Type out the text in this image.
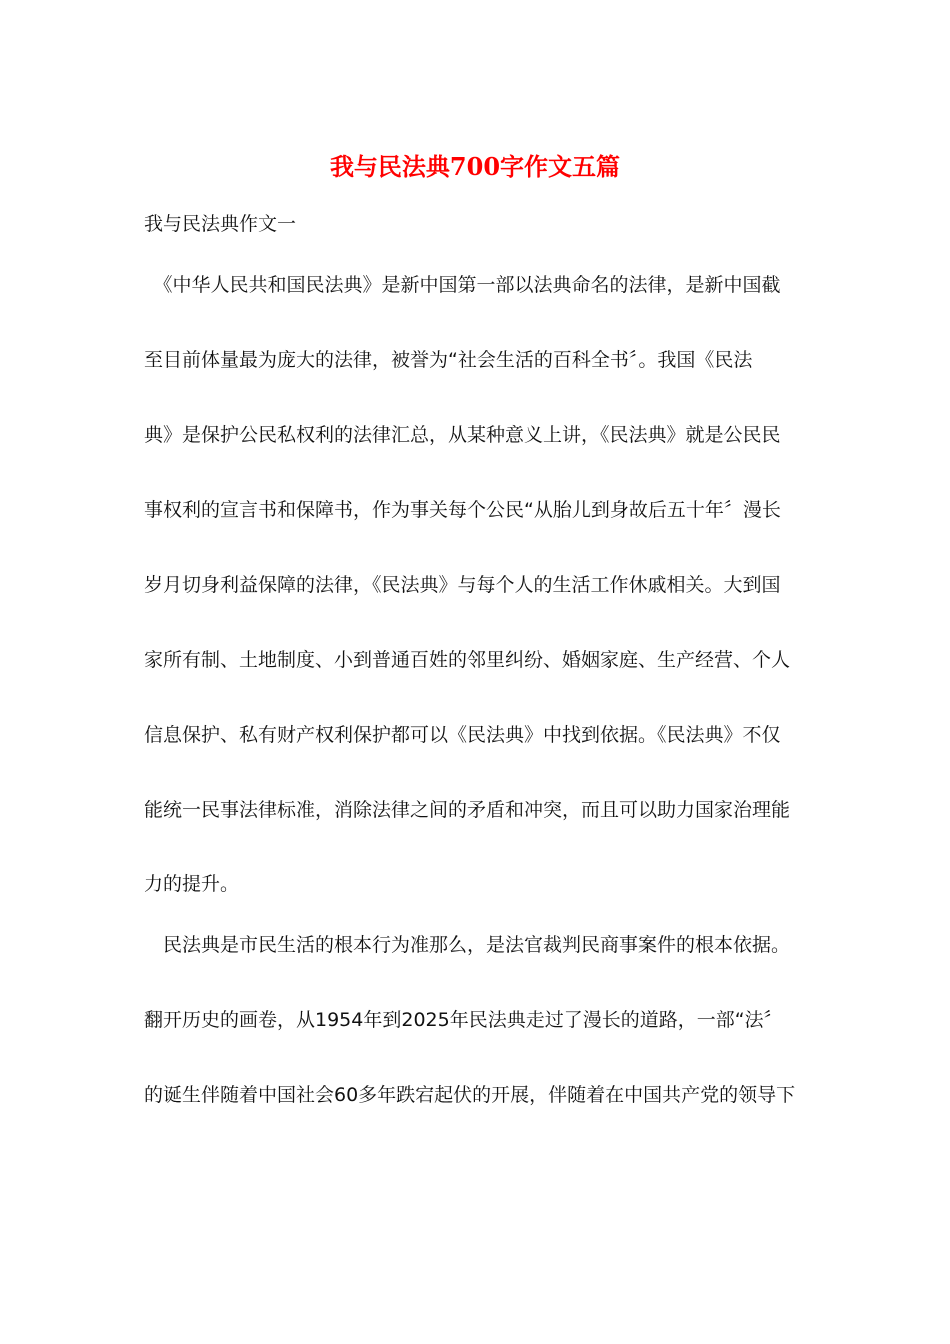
我与民法典700字作文五篇
我与民法典作文一
　《中华人民共和国民法典》是新中国第一部以法典命名的法律，是新中国截
至目前体量最为庞大的法律，被誉为“社会生活的百科全书〞。我国《民法
典》是保护公民私权利的法律汇总，从某种意义上讲，《民法典》就是公民民
事权利的宣言书和保障书，作为事关每个公民“从胎儿到身故后五十年〞漫长
岁月切身利益保障的法律，《民法典》与每个人的生活工作休戚相关。大到国
家所有制、土地制度、小到普通百姓的邻里纠纷、婚姻家庭、生产经营、个人
信息保护、私有财产权利保护都可以《民法典》中找到依据。《民法典》不仅
能统一民事法律标准，消除法律之间的矛盾和冲突，而且可以助力国家治理能
力的提升。
　民法典是市民生活的根本行为准那么，是法官裁判民商事案件的根本依据。
翻开历史的画卷，从1954年到2025年民法典走过了漫长的道路，一部“法〞
的诞生伴随着中国社会60多年跌宕起伏的开展，伴随着在中国共产党的领导下
